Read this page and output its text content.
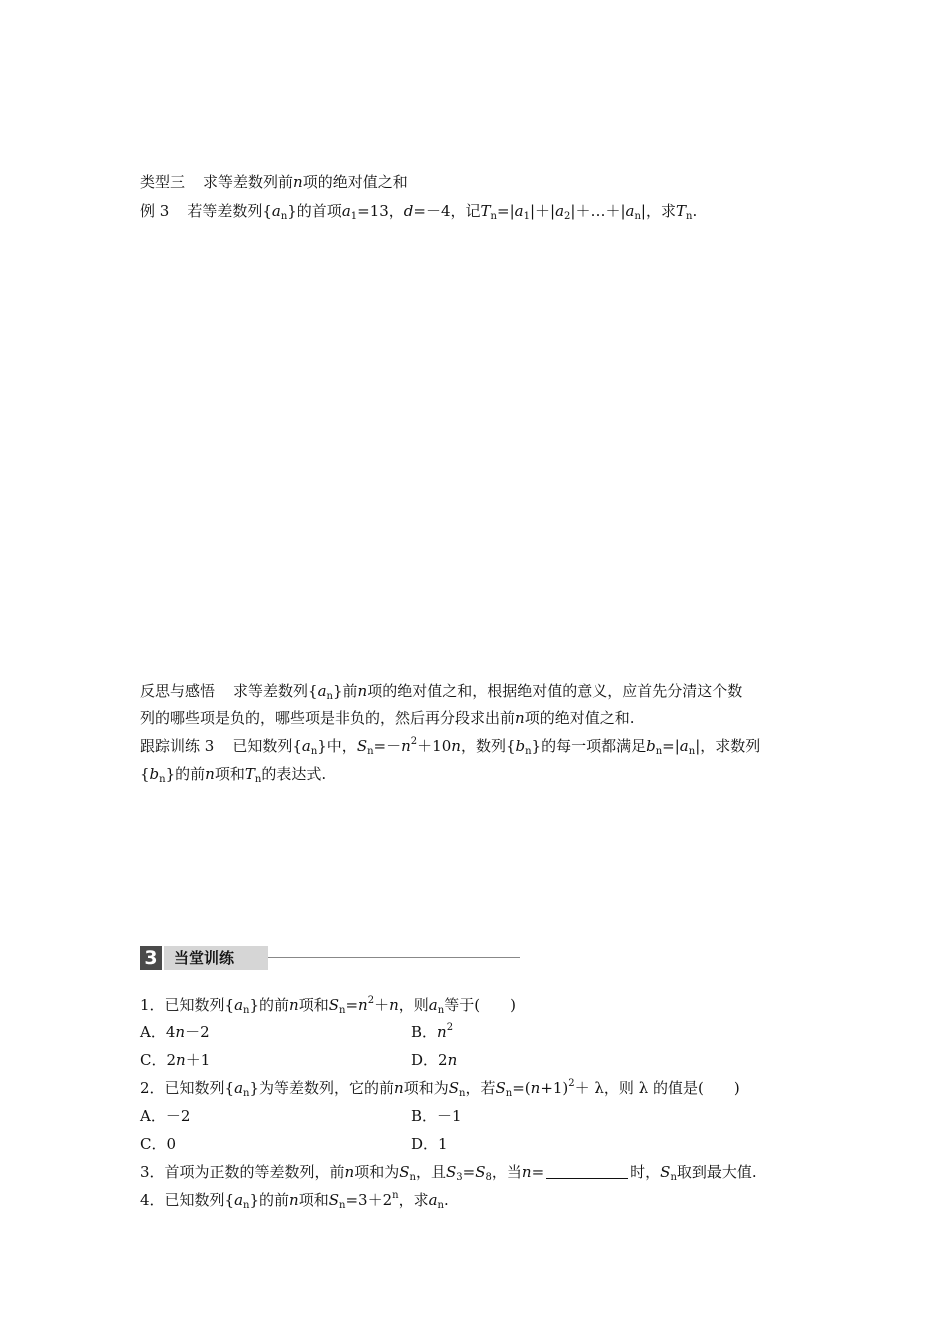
类型三 求等差数列前n项的绝对值之和
例 3 若等差数列$\{a_n\}$的首项$a_1=13$，d=－4，记$T_n=|a_1|+|a_2|+\dots+|a_n|$，求$T_n$.
反思与感悟 求等差数列$\{a_n\}$前n项的绝对值之和，根据绝对值的意义，应首先分清这个数
列的哪些项是负的，哪些项是非负的，然后再分段求出前n项的绝对值之和.
跟踪训练 3 已知数列$\{a_n\}$中，$S_n=-n^2+10n$，数列$\{b_n\}$的每一项都满足$b_n=|a_n|$，求数列
$\{b_n\}$的前n项和$T_n$的表达式.
3	当堂训练
1．已知数列$\{a_n\}$的前n项和$S_n=n^2+n$，则$a_n$等于( )
A．4n－2	B．$n^2$
C．2n＋1	D．2n
2．已知数列$\{a_n\}$为等差数列，它的前n项和为$S_n$，若$S_n=(n+1)^2+ \lambda$，则 λ 的值是( )
A．－2	B．－1
C．0	D．1
3．首项为正数的等差数列，前n项和为$S_n$，且$S_3=S_8$，当n=	时，$S_n$取到最大值.
4．已知数列$\{a_n\}$的前n项和$S_n=3+2^n$，求$a_n$.
